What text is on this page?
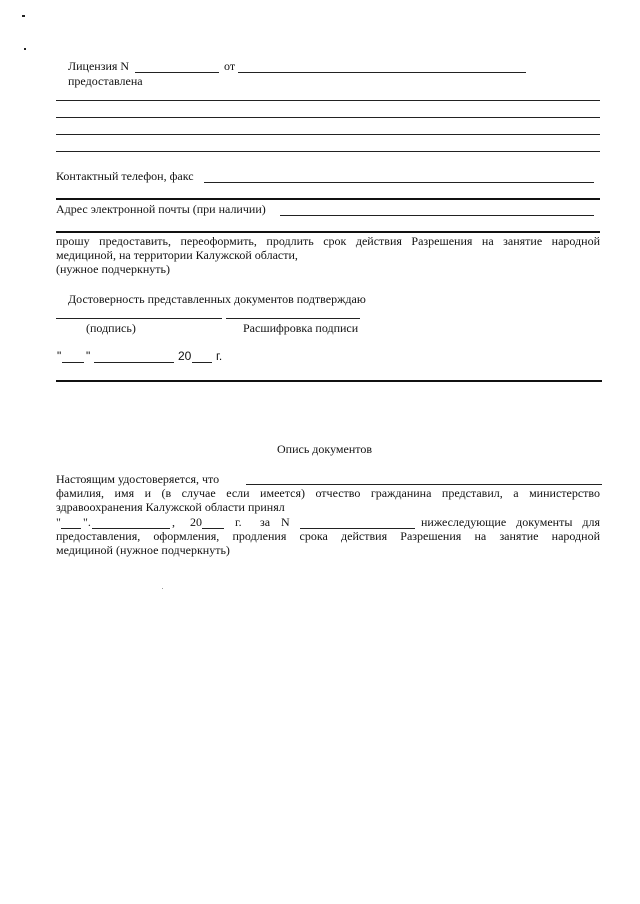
Лицензия N	от
предоставлена
Контактный телефон, факс
Адрес электронной почты (при наличии)
прошу предоставить, переоформить, продлить срок действия Разрешения на занятие народной
медициной, на территории Калужской области,
(нужное подчеркнуть)
Достоверность представленных документов подтверждаю
(подпись)	Расшифровка подписи
" "	20 г.
Опись документов
Настоящим удостоверяется, что
фамилия, имя и (в случае если имеется) отчество гражданина представил, а министерство
здравоохранения Калужской области принял
" ".	, 20	г. за N	нижеследующие документы для
предоставления, оформления, продления срока действия Разрешения на занятие народной
медициной (нужное подчеркнуть)
